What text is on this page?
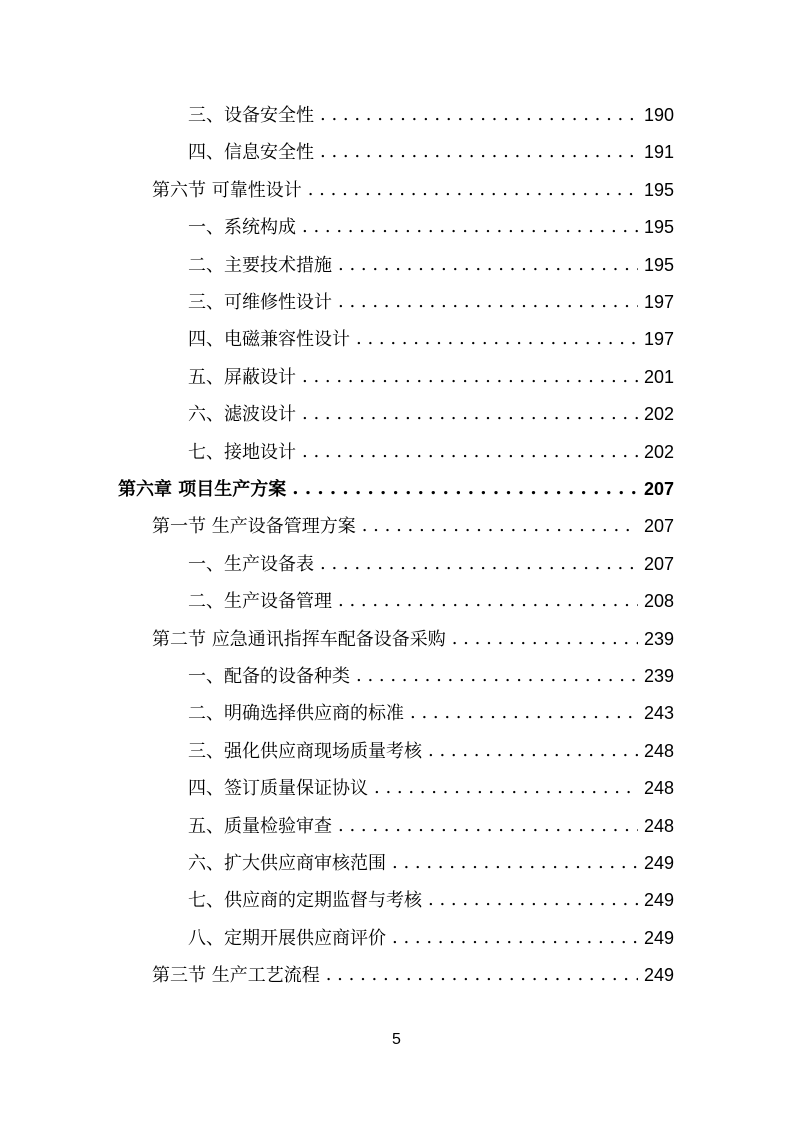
三、设备安全性 . . .	190
四、信息安全性 . . .	191
第六节 可靠性设计 . . .	195
一、系统构成 . . .	195
二、主要技术措施 . . .	195
三、可维修性设计 . . .	197
四、电磁兼容性设计 . . .	197
五、屏蔽设计 . . .	201
六、滤波设计 . . .	202
七、接地设计 . . .	202
第六章 项目生产方案 . . .	207
第一节 生产设备管理方案 . . .	207
一、生产设备表 . . .	207
二、生产设备管理 . . .	208
第二节 应急通讯指挥车配备设备采购 . . .	239
一、配备的设备种类 . . .	239
二、明确选择供应商的标准 . . .	243
三、强化供应商现场质量考核 . . .	248
四、签订质量保证协议 . . .	248
五、质量检验审查 . . .	248
六、扩大供应商审核范围 . . .	249
七、供应商的定期监督与考核 . . .	249
八、定期开展供应商评价 . . .	249
第三节 生产工艺流程 . . .	249
5
